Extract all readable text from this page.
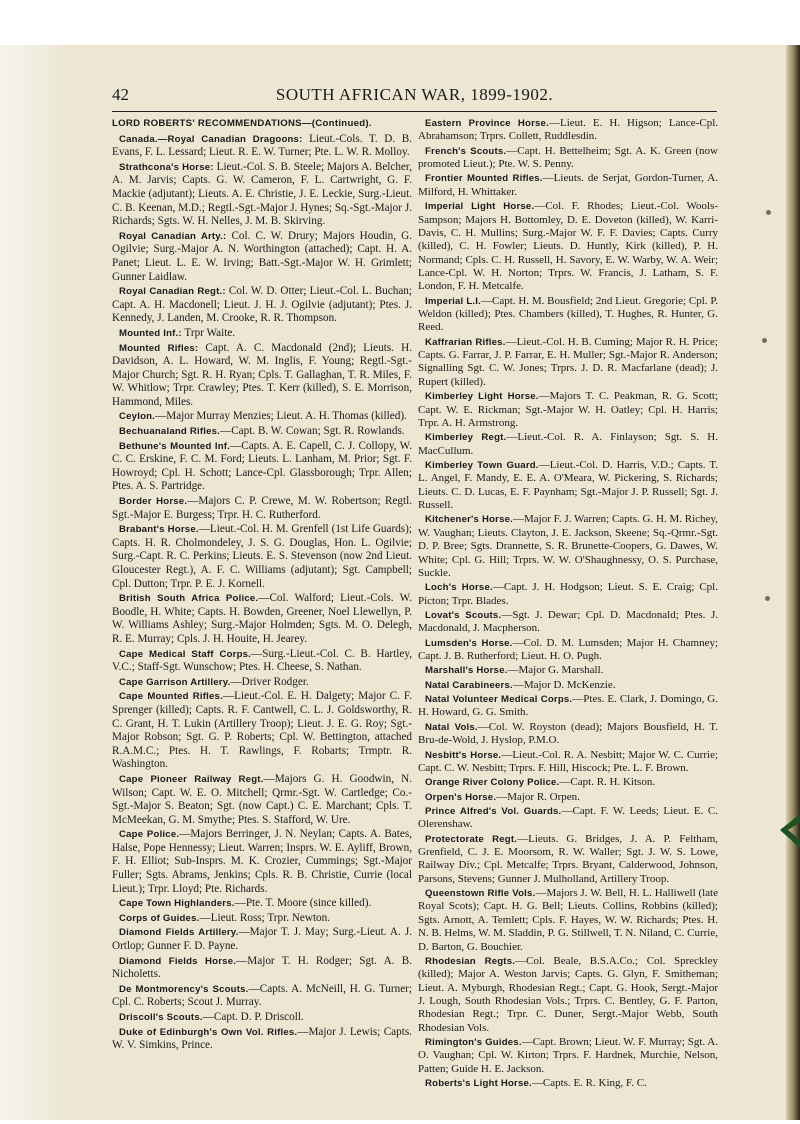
42	SOUTH AFRICAN WAR, 1899-1902.

LORD ROBERTS' RECOMMENDATIONS—(Continued).

Canada.—Royal Canadian Dragoons: Lieut.-Cols. T. D. B. Evans, F. L. Lessard; Lieut. R. E. W. Turner; Pte. L. W. R. Molloy.

Strathcona's Horse: Lieut.-Col. S. B. Steele; Majors A. Belcher, A. M. Jarvis; Capts. G. W. Cameron, F. L. Cartwright, G. F. Mackie (adjutant); Lieuts. A. E. Christie, J. E. Leckie, Surg.-Lieut. C. B. Keenan, M.D.; Regtl.-Sgt.-Major J. Hynes; Sq.-Sgt.-Major J. Richards; Sgts. W. H. Nelles, J. M. B. Skirving.

Royal Canadian Arty.: Col. C. W. Drury; Majors Houdin, G. Ogilvie; Surg.-Major A. N. Worthington (attached); Capt. H. A. Panet; Lieut. L. E. W. Irving; Batt.-Sgt.-Major W. H. Grimlett; Gunner Laidlaw.

Royal Canadian Regt.: Col. W. D. Otter; Lieut.-Col. L. Buchan; Capt. A. H. Macdonell; Lieut. J. H. J. Ogilvie (adjutant); Ptes. J. Kennedy, J. Landen, M. Crooke, R. R. Thompson.

Mounted Inf.: Trpr Waite.

Mounted Rifles: Capt. A. C. Macdonald (2nd); Lieuts. H. Davidson, A. L. Howard, W. M. Inglis, F. Young; Regtl.-Sgt.-Major Church; Sgt. R. H. Ryan; Cpls. T. Gallaghan, T. R. Miles, F. W. Whitlow; Trpr. Crawley; Ptes. T. Kerr (killed), S. E. Morrison, Hammond, Miles.

Ceylon.—Major Murray Menzies; Lieut. A. H. Thomas (killed).

Bechuanaland Rifles.—Capt. B. W. Cowan; Sgt. R. Rowlands.

Bethune's Mounted Inf.—Capts. A. E. Capell, C. J. Collopy, W. C. C. Erskine, F. C. M. Ford; Lieuts. L. Lanham, M. Prior; Sgt. F. Howroyd; Cpl. H. Schott; Lance-Cpl. Glassborough; Trpr. Allen; Ptes. A. S. Partridge.

Border Horse.—Majors C. P. Crewe, M. W. Robertson; Regtl. Sgt.-Major E. Burgess; Trpr. H. C. Rutherford.

Brabant's Horse.—Lieut.-Col. H. M. Grenfell (1st Life Guards); Capts. H. R. Cholmondeley, J. S. G. Douglas, Hon. L. Ogilvie; Surg.-Capt. R. C. Perkins; Lieuts. E. S. Stevenson (now 2nd Lieut. Gloucester Regt.), A. F. C. Williams (adjutant); Sgt. Campbell; Cpl. Dutton; Trpr. P. E. J. Kornell.

British South Africa Police.—Col. Walford; Lieut.-Cols. W. Boodle, H. White; Capts. H. Bowden, Greener, Noel Llewellyn, P. W. Williams Ashley; Surg.-Major Holmden; Sgts. M. O. Delegh, R. E. Murray; Cpls. J. H. Houite, H. Jearey.

Cape Medical Staff Corps.—Surg.-Lieut.-Col. C. B. Hartley, V.C.; Staff-Sgt. Wunschow; Ptes. H. Cheese, S. Nathan.

Cape Garrison Artillery.—Driver Rodger.

Cape Mounted Rifles.—Lieut.-Col. E. H. Dalgety; Major C. F. Sprenger (killed); Capts. R. F. Cantwell, C. L. J. Goldsworthy, R. C. Grant, H. T. Lukin (Artillery Troop); Lieut. J. E. G. Roy; Sgt.-Major Robson; Sgt. G. P. Roberts; Cpl. W. Bettington, attached R.A.M.C.; Ptes. H. T. Rawlings, F. Robarts; Trmptr. R. Washington.

Cape Pioneer Railway Regt.—Majors G. H. Goodwin, N. Wilson; Capt. W. E. O. Mitchell; Qrmr.-Sgt. W. Cartledge; Co.-Sgt.-Major S. Beaton; Sgt. (now Capt.) C. E. Marchant; Cpls. T. McMeekan, G. M. Smythe; Ptes. S. Stafford, W. Ure.

Cape Police.—Majors Berringer, J. N. Neylan; Capts. A. Bates, Halse, Pope Hennessy; Lieut. Warren; Insprs. W. E. Ayliff, Brown, F. H. Elliot; Sub-Insprs. M. K. Crozier, Cummings; Sgt.-Major Fuller; Sgts. Abrams, Jenkins; Cpls. R. B. Christie, Currie (local Lieut.); Trpr. Lloyd; Pte. Richards.

Cape Town Highlanders.—Pte. T. Moore (since killed).

Corps of Guides.—Lieut. Ross; Trpr. Newton.

Diamond Fields Artillery.—Major T. J. May; Surg.-Lieut. A. J. Ortlop; Gunner F. D. Payne.

Diamond Fields Horse.—Major T. H. Rodger; Sgt. A. B. Nicholetts.

De Montmorency's Scouts.—Capts. A. McNeill, H. G. Turner; Cpl. C. Roberts; Scout J. Murray.

Driscoll's Scouts.—Capt. D. P. Driscoll.

Duke of Edinburgh's Own Vol. Rifles.—Major J. Lewis; Capts. W. V. Simkins, Prince.

Eastern Province Horse.—Lieut. E. H. Higson; Lance-Cpl. Abrahamson; Trprs. Collett, Ruddlesdin.

French's Scouts.—Capt. H. Bettelheim; Sgt. A. K. Green (now promoted Lieut.); Pte. W. S. Penny.

Frontier Mounted Rifles.—Lieuts. de Serjat, Gordon-Turner, A. Milford, H. Whittaker.

Imperial Light Horse.—Col. F. Rhodes; Lieut.-Col. Wools-Sampson; Majors H. Bottomley, D. E. Doveton (killed), W. Karri-Davis, C. H. Mullins; Surg.-Major W. F. F. Davies; Capts. Curry (killed), C. H. Fowler; Lieuts. D. Huntly, Kirk (killed), P. H. Normand; Cpls. C. H. Russell, H. Savory, E. W. Warby, W. A. Weir; Lance-Cpl. W. H. Norton; Trprs. W. Francis, J. Latham, S. F. London, F. H. Metcalfe.

Imperial L.I.—Capt. H. M. Bousfield; 2nd Lieut. Gregorie; Cpl. P. Weldon (killed); Ptes. Chambers (killed), T. Hughes, R. Hunter, G. Reed.

Kaffrarian Rifles.—Lieut.-Col. H. B. Cuming; Major R. H. Price; Capts. G. Farrar, J. P. Farrar, E. H. Muller; Sgt.-Major R. Anderson; Signalling Sgt. C. W. Jones; Trprs. J. D. R. Macfarlane (dead); J. Rupert (killed).

Kimberley Light Horse.—Majors T. C. Peakman, R. G. Scott; Capt. W. E. Rickman; Sgt.-Major W. H. Oatley; Cpl. H. Harris; Trpr. A. H. Armstrong.

Kimberley Regt.—Lieut.-Col. R. A. Finlayson; Sgt. S. H. MacCullum.

Kimberley Town Guard.—Lieut.-Col. D. Harris, V.D.; Capts. T. L. Angel, F. Mandy, E. E. A. O'Meara, W. Pickering, S. Richards; Lieuts. C. D. Lucas, E. F. Paynham; Sgt.-Major J. P. Russell; Sgt. J. Russell.

Kitchener's Horse.—Major F. J. Warren; Capts. G. H. M. Richey, W. Vaughan; Lieuts. Clayton, J. E. Jackson, Skeene; Sq.-Qrmr.-Sgt. D. P. Bree; Sgts. Drannette, S. R. Brunette-Coopers, G. Dawes, W. White; Cpl. G. Hill; Trprs. W. W. O'Shaughnessy, O. S. Purchase, Suckle.

Loch's Horse.—Capt. J. H. Hodgson; Lieut. S. E. Craig; Cpl. Picton; Trpr. Blades.

Lovat's Scouts.—Sgt. J. Dewar; Cpl. D. Macdonald; Ptes. J. Macdonald, J. Macpherson.

Lumsden's Horse.—Col. D. M. Lumsden; Major H. Chamney; Capt. J. B. Rutherford; Lieut. H. O. Pugh.

Marshall's Horse.—Major G. Marshall.

Natal Carabineers.—Major D. McKenzie.

Natal Volunteer Medical Corps.—Ptes. E. Clark, J. Domingo, G. H. Howard, G. G. Smith.

Natal Vols.—Col. W. Royston (dead); Majors Bousfield, H. T. Bru-de-Wold, J. Hyslop, P.M.O.

Nesbitt's Horse.—Lieut.-Col. R. A. Nesbitt; Major W. C. Currie; Capt. C. W. Nesbitt; Trprs. F. Hill, Hiscock; Pte. L. F. Brown.

Orange River Colony Police.—Capt. R. H. Kitson.

Orpen's Horse.—Major R. Orpen.

Prince Alfred's Vol. Guards.—Capt. F. W. Leeds; Lieut. E. C. Olerenshaw.

Protectorate Regt.—Lieuts. G. Bridges, J. A. P. Feltham, Grenfield, C. J. E. Moorsom, R. W. Waller; Sgt. J. W. S. Lowe, Railway Div.; Cpl. Metcalfe; Trprs. Bryant, Calderwood, Johnson, Parsons, Stevens; Gunner J. Mulholland, Artillery Troop.

Queenstown Rifle Vols.—Majors J. W. Bell, H. L. Halliwell (late Royal Scots); Capt. H. G. Bell; Lieuts. Collins, Robbins (killed); Sgts. Arnott, A. Temlett; Cpls. F. Hayes, W. W. Richards; Ptes. H. N. B. Helms, W. M. Sladdin, P. G. Stillwell, T. N. Niland, C. Currie, D. Barton, G. Bouchier.

Rhodesian Regts.—Col. Beale, B.S.A.Co.; Col. Spreckley (killed); Major A. Weston Jarvis; Capts. G. Glyn, F. Smitheman; Lieut. A. Myburgh, Rhodesian Regt.; Capt. G. Hook, Sergt.-Major J. Lough, South Rhodesian Vols.; Trprs. C. Bentley, G. F. Parton, Rhodesian Regt.; Trpr. C. Duner, Sergt.-Major Webb, South Rhodesian Vols.

Rimington's Guides.—Capt. Brown; Lieut. W. F. Murray; Sgt. A. O. Vaughan; Cpl. W. Kirton; Trprs. F. Hardnek, Murchie, Nelson, Patten; Guide H. E. Jackson.

Roberts's Light Horse.—Capts. E. R. King, F. C.
